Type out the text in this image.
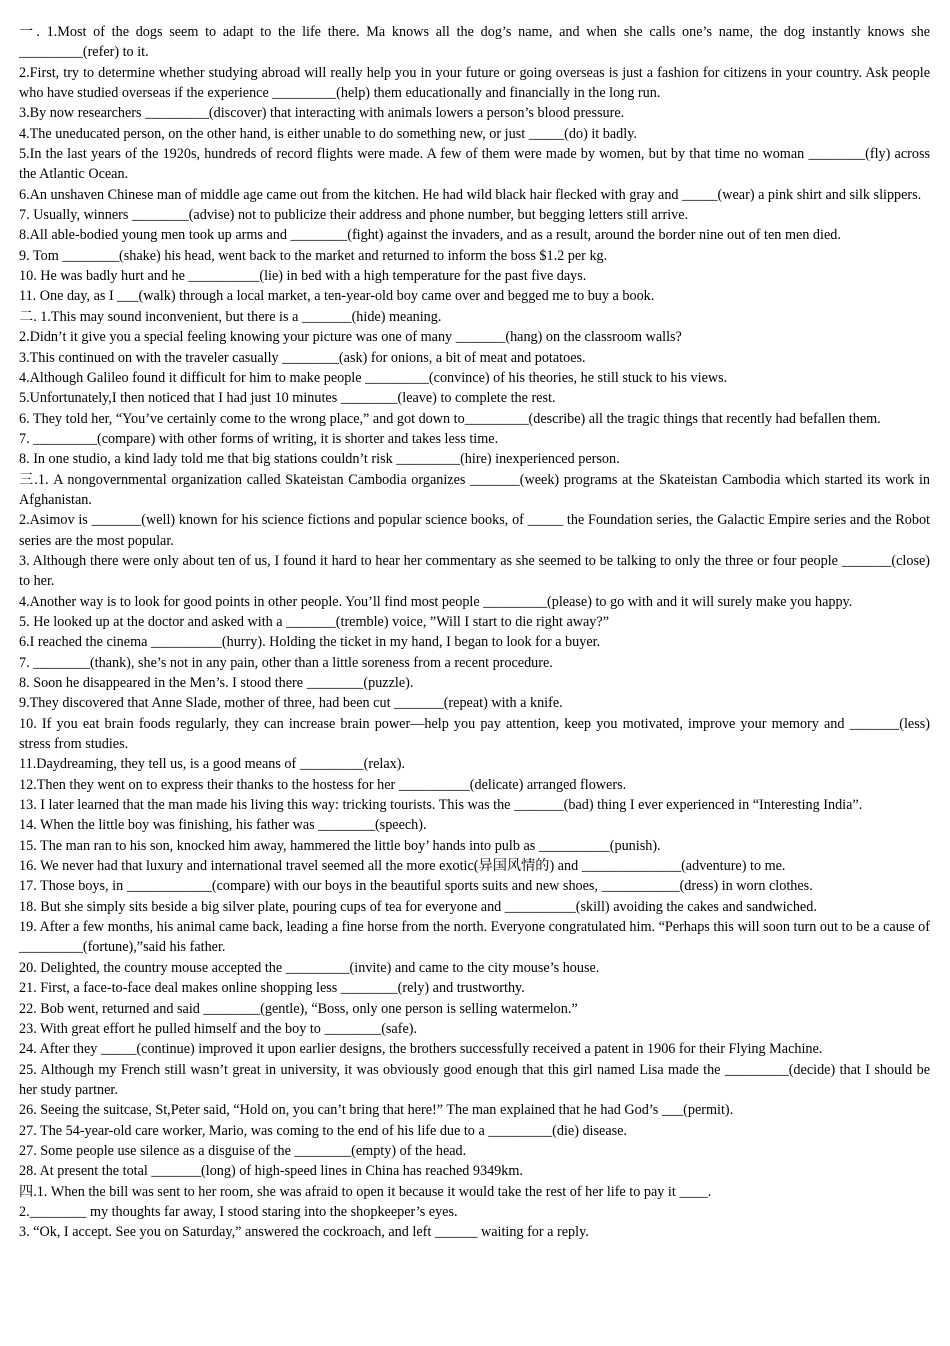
一. 1.Most of the dogs seem to adapt to the life there. Ma knows all the dog’s name, and when she calls one’s name, the dog instantly knows she _________(refer) to it.

2.First, try to determine whether studying abroad will really help you in your future or going overseas is just a fashion for citizens in your country. Ask people who have studied overseas if the experience _________(help) them educationally and financially in the long run.

3.By now researchers _________(discover) that interacting with animals lowers a person’s blood pressure.

4.The uneducated person, on the other hand, is either unable to do something new, or just _____(do) it badly.

5.In the last years of the 1920s, hundreds of record flights were made. A few of them were made by women, but by that time no woman ________(fly) across the Atlantic Ocean.

6.An unshaven Chinese man of middle age came out from the kitchen. He had wild black hair flecked with gray and _____(wear) a pink shirt and silk slippers.

7. Usually, winners ________(advise) not to publicize their address and phone number, but begging letters still arrive.

8.All able-bodied young men took up arms and ________(fight) against the invaders, and as a result, around the border nine out of ten men died.

9. Tom ________(shake) his head, went back to the market and returned to inform the boss $1.2 per kg.

10. He was badly hurt and he __________(lie) in bed with a high temperature for the past five days.

11. One day, as I ___(walk) through a local market, a ten-year-old boy came over and begged me to buy a book.

二. 1.This may sound inconvenient, but there is a _______(hide) meaning.

2.Didn’t it give you a special feeling knowing your picture was one of many _______(hang) on the classroom walls?

3.This continued on with the traveler casually ________(ask) for onions, a bit of meat and potatoes.

4.Although Galileo found it difficult for him to make people _________(convince) of his theories, he still stuck to his views.

5.Unfortunately,I then noticed that I had just 10 minutes ________(leave) to complete the rest.

6. They told her, “You’ve certainly come to the wrong place,” and got down to_________(describe) all the tragic things that recently had befallen them.

7. _________(compare) with other forms of writing, it is shorter and takes less time.

8. In one studio, a kind lady told me that big stations couldn’t risk _________(hire) inexperienced person.

三.1. A nongovernmental organization called Skateistan Cambodia organizes _______(week) programs at the Skateistan Cambodia which started its work in Afghanistan.

2.Asimov is _______(well) known for his science fictions and popular science books, of _____ the Foundation series, the Galactic Empire series and the Robot series are the most popular.

3. Although there were only about ten of us, I found it hard to hear her commentary as she seemed to be talking to only the three or four people _______(close) to her.

4.Another way is to look for good points in other people. You’ll find most people _________(please) to go with and it will surely make you happy.

5. He looked up at the doctor and asked with a _______(tremble) voice, ”Will I start to die right away?”

6.I reached the cinema __________(hurry). Holding the ticket in my hand, I began to look for a buyer.

7. ________(thank), she’s not in any pain, other than a little soreness from a recent procedure.

8. Soon he disappeared in the Men’s. I stood there ________(puzzle).

9.They discovered that Anne Slade, mother of three, had been cut _______(repeat) with a knife.

10. If you eat brain foods regularly, they can increase brain power—help you pay attention, keep you motivated, improve your memory and _______(less) stress from studies.

11.Daydreaming, they tell us, is a good means of _________(relax).

12.Then they went on to express their thanks to the hostess for her __________(delicate) arranged flowers.

13. I later learned that the man made his living this way: tricking tourists. This was the _______(bad) thing I ever experienced in “Interesting India”.

14. When the little boy was finishing, his father was ________(speech).

15. The man ran to his son, knocked him away, hammered the little boy’ hands into pulb as __________(punish).

16. We never had that luxury and international travel seemed all the more exotic(异国风情的) and ______________(adventure) to me.

17. Those boys, in ____________(compare) with our boys in the beautiful sports suits and new shoes, ___________(dress) in worn clothes.

18. But she simply sits beside a big silver plate, pouring cups of tea for everyone and __________(skill) avoiding the cakes and sandwiched.

19. After a few months, his animal came back, leading a fine horse from the north. Everyone congratulated him. “Perhaps this will soon turn out to be a cause of _________(fortune),”said his father.

20. Delighted, the country mouse accepted the _________(invite) and came to the city mouse’s house.

21. First, a face-to-face deal makes online shopping less ________(rely) and trustworthy.

22. Bob went, returned and said ________(gentle), “Boss, only one person is selling watermelon.”

23. With great effort he pulled himself and the boy to ________(safe).

24. After they _____(continue) improved it upon earlier designs, the brothers successfully received a patent in 1906 for their Flying Machine.

25. Although my French still wasn’t great in university, it was obviously good enough that this girl named Lisa made the _________(decide) that I should be her study partner.

26. Seeing the suitcase, St,Peter said, “Hold on, you can’t bring that here!” The man explained that he had God’s ___(permit).

27. The 54-year-old care worker, Mario, was coming to the end of his life due to a _________(die) disease.

27. Some people use silence as a disguise of the ________(empty) of the head.

28. At present the total _______(long) of high-speed lines in China has reached 9349km.

四.1. When the bill was sent to her room, she was afraid to open it because it would take the rest of her life to pay it ____.

2.________ my thoughts far away, I stood staring into the shopkeeper’s eyes.

3. “Ok, I accept. See you on Saturday,” answered the cockroach, and left ______ waiting for a reply.
